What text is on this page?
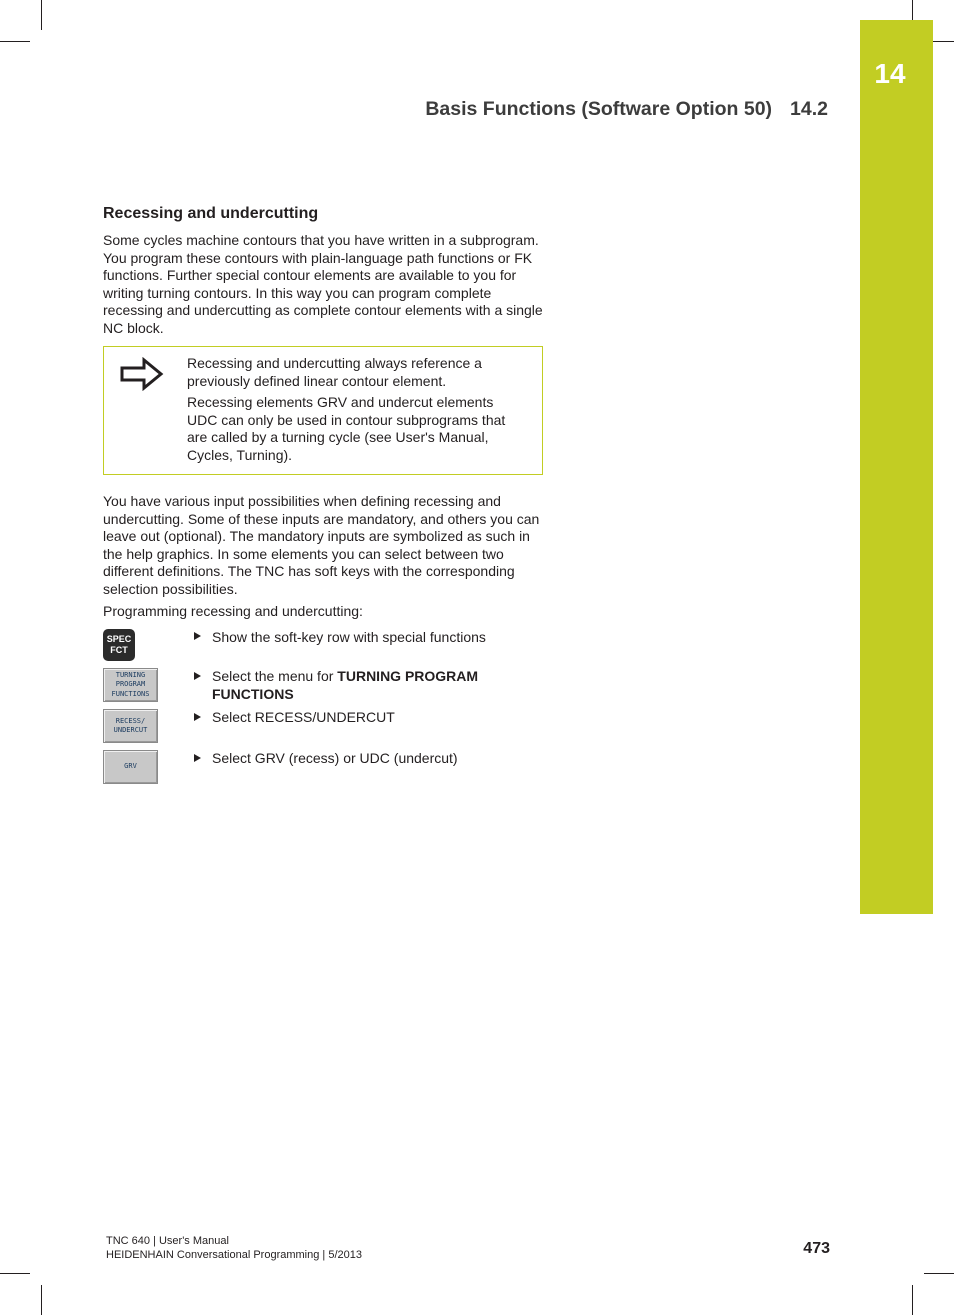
14
Basis Functions (Software Option 50) 14.2
Recessing and undercutting

Some cycles machine contours that you have written in a subprogram. You program these contours with plain-language path functions or FK functions. Further special contour elements are available to you for writing turning contours. In this way you can program complete recessing and undercutting as complete contour elements with a single NC block.

Recessing and undercutting always reference a previously defined linear contour element.

Recessing elements GRV and undercut elements UDC can only be used in contour subprograms that are called by a turning cycle (see User's Manual, Cycles, Turning).

You have various input possibilities when defining recessing and undercutting. Some of these inputs are mandatory, and others you can leave out (optional). The mandatory inputs are symbolized as such in the help graphics. In some elements you can select between two different definitions. The TNC has soft keys with the corresponding selection possibilities.

Programming recessing and undercutting:

SPEC
FCT
Show the soft-key row with special functions
TURNING
PROGRAM
FUNCTIONS
Select the menu for TURNING PROGRAM FUNCTIONS
RECESS/
UNDERCUT
Select RECESS/UNDERCUT
GRV
Select GRV (recess) or UDC (undercut)
TNC 640 | User's Manual
HEIDENHAIN Conversational Programming | 5/2013	473
